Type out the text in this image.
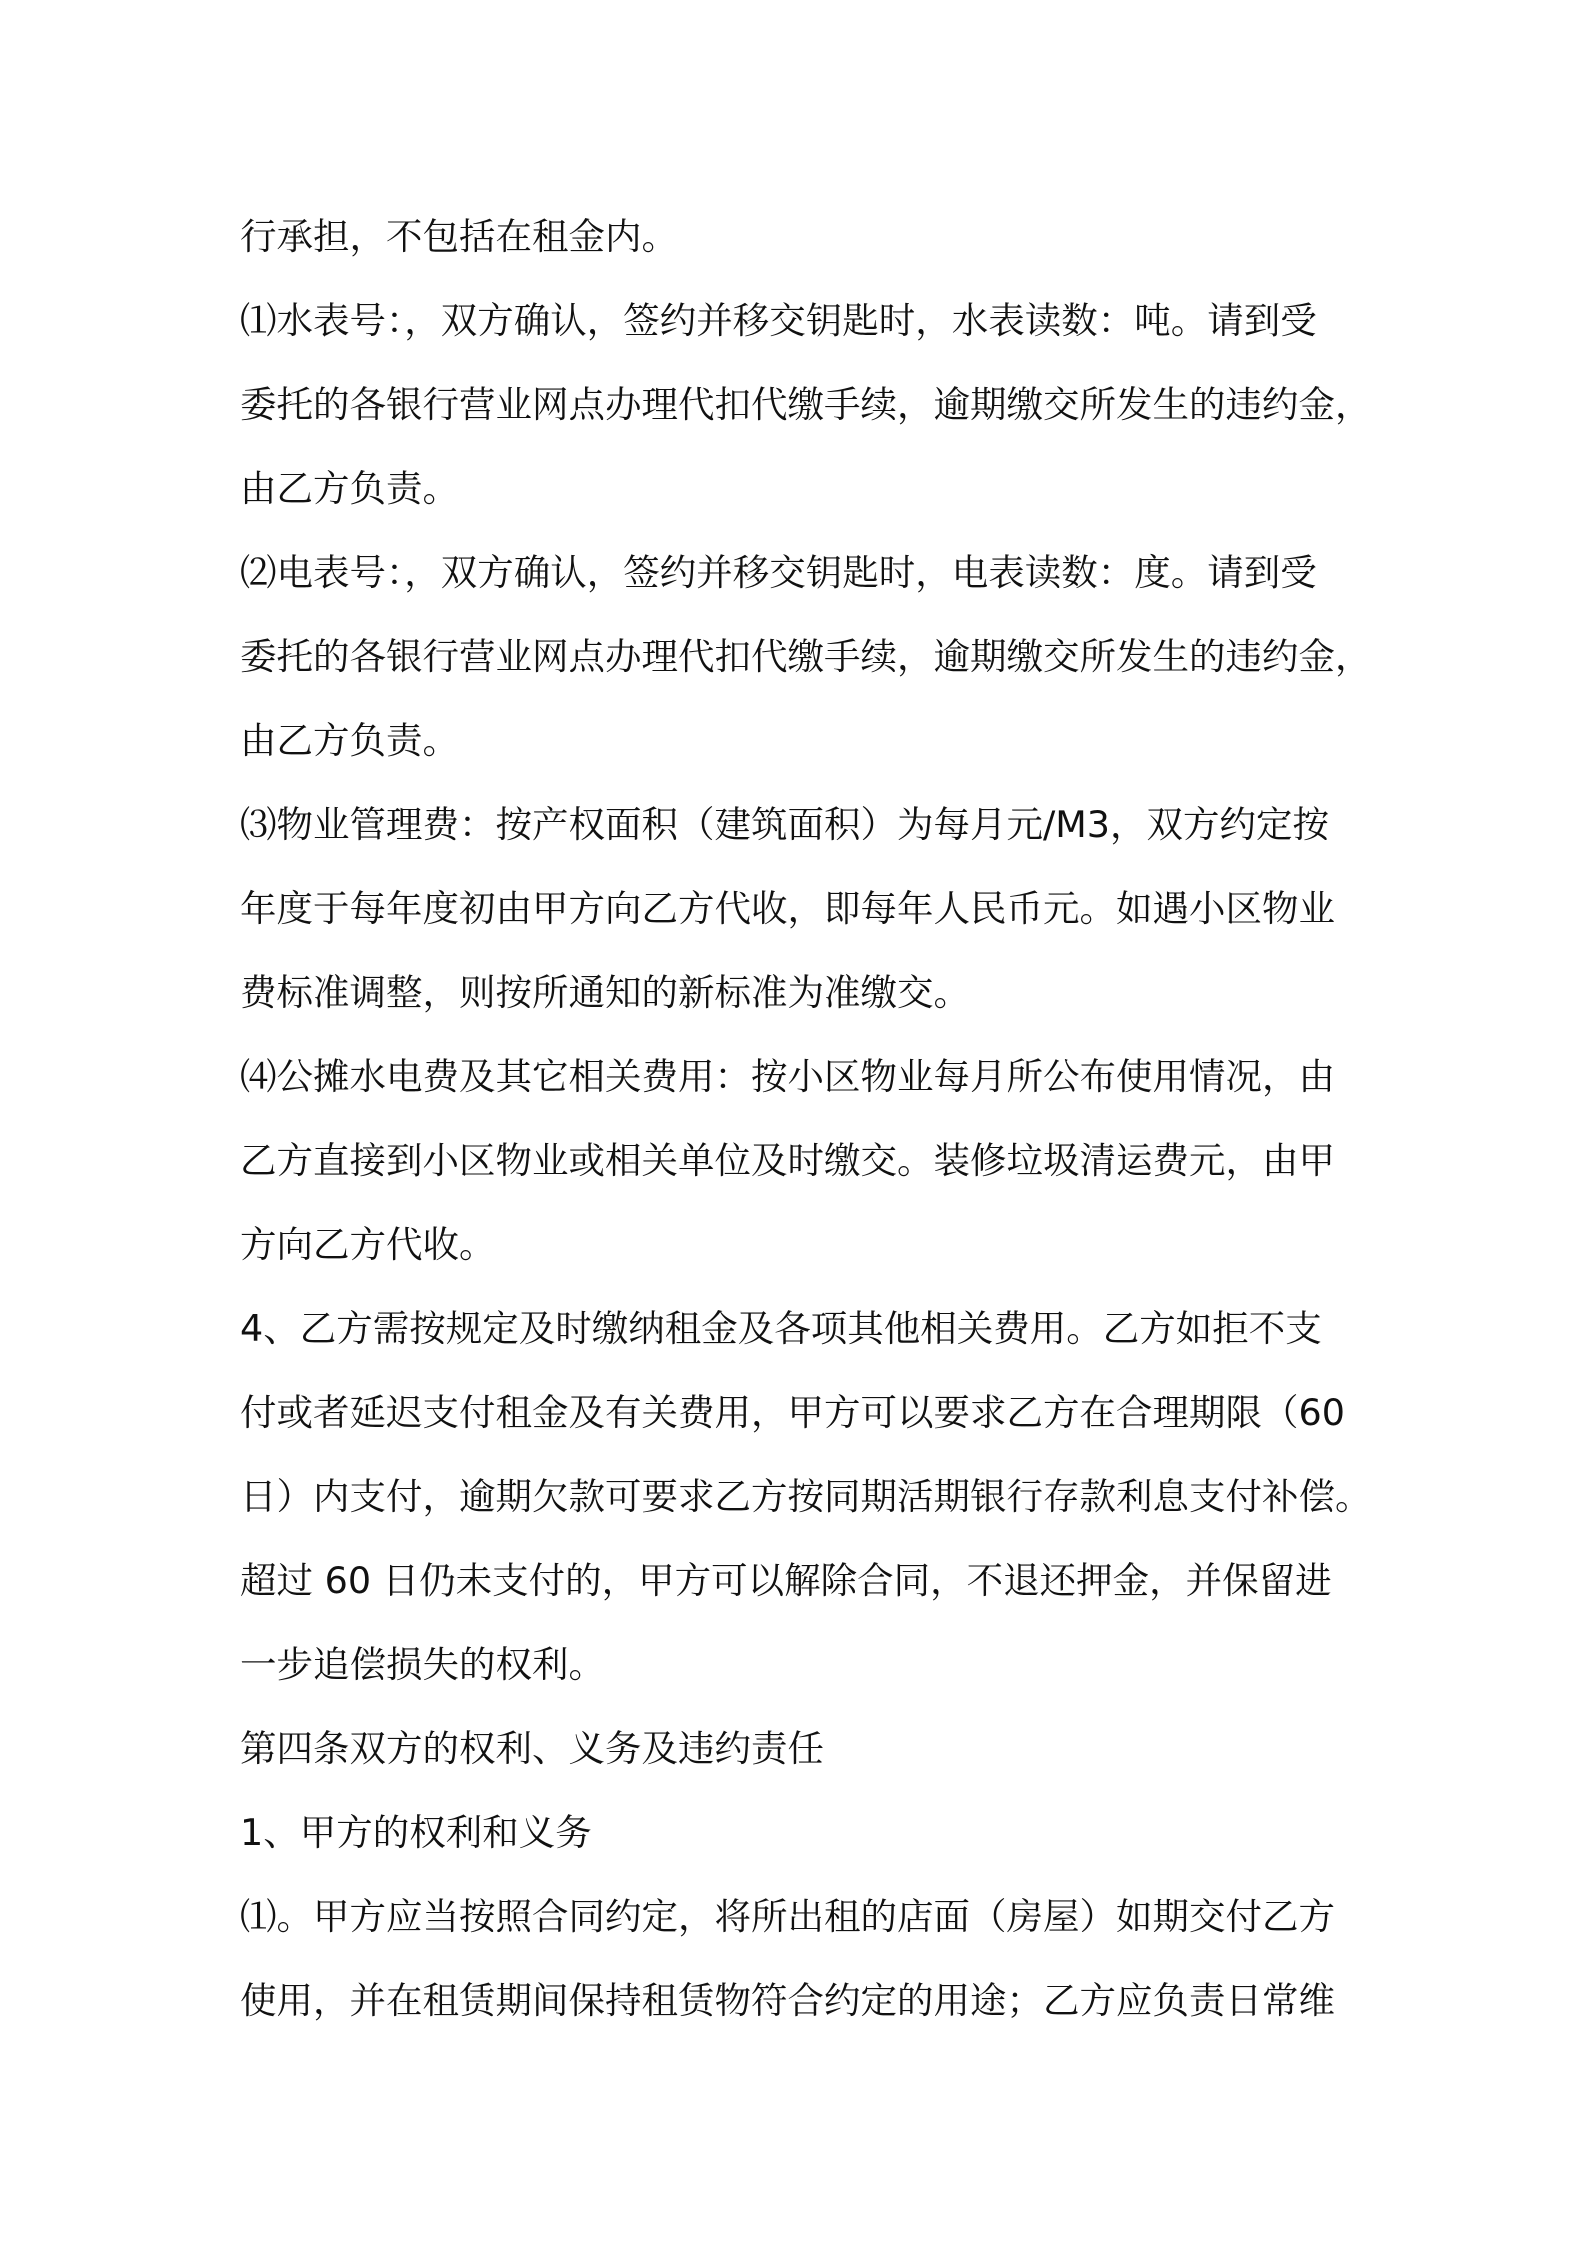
行承担，不包括在租金内。
⑴水表号：，双方确认，签约并移交钥匙时，水表读数：吨。请到受
委托的各银行营业网点办理代扣代缴手续，逾期缴交所发生的违约金，
由乙方负责。
⑵电表号：，双方确认，签约并移交钥匙时，电表读数：度。请到受
委托的各银行营业网点办理代扣代缴手续，逾期缴交所发生的违约金，
由乙方负责。
⑶物业管理费：按产权面积（建筑面积）为每月元/M3，双方约定按
年度于每年度初由甲方向乙方代收，即每年人民币元。如遇小区物业
费标准调整，则按所通知的新标准为准缴交。
⑷公摊水电费及其它相关费用：按小区物业每月所公布使用情况，由
乙方直接到小区物业或相关单位及时缴交。装修垃圾清运费元，由甲
方向乙方代收。
4、乙方需按规定及时缴纳租金及各项其他相关费用。乙方如拒不支
付或者延迟支付租金及有关费用，甲方可以要求乙方在合理期限（60
日）内支付，逾期欠款可要求乙方按同期活期银行存款利息支付补偿。
超过 60 日仍未支付的，甲方可以解除合同，不退还押金，并保留进
一步追偿损失的权利。
第四条双方的权利、义务及违约责任
1、甲方的权利和义务
⑴。甲方应当按照合同约定，将所出租的店面（房屋）如期交付乙方
使用，并在租赁期间保持租赁物符合约定的用途；乙方应负责日常维
